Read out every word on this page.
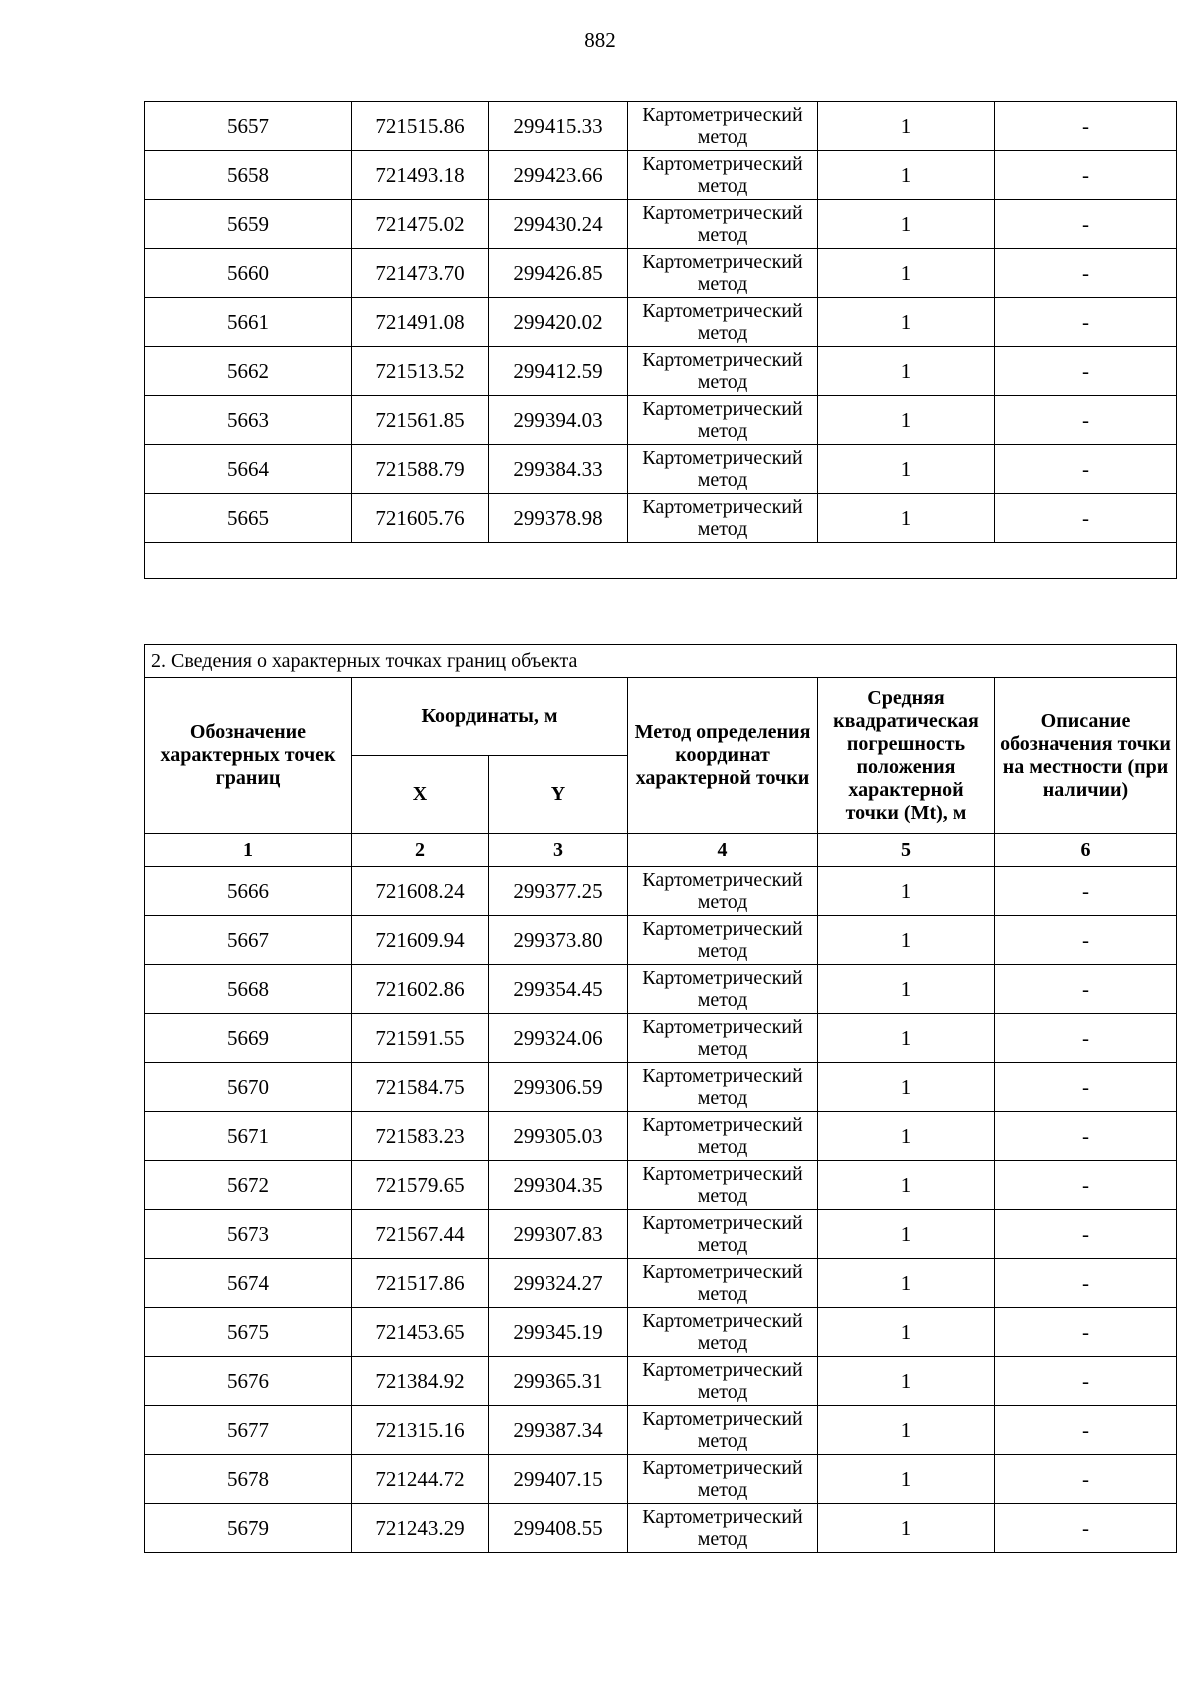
882
5657	721515.86	299415.33	Картометрический метод	1	-
5658	721493.18	299423.66	Картометрический метод	1	-
5659	721475.02	299430.24	Картометрический метод	1	-
5660	721473.70	299426.85	Картометрический метод	1	-
5661	721491.08	299420.02	Картометрический метод	1	-
5662	721513.52	299412.59	Картометрический метод	1	-
5663	721561.85	299394.03	Картометрический метод	1	-
5664	721588.79	299384.33	Картометрический метод	1	-
5665	721605.76	299378.98	Картометрический метод	1	-

2. Сведения о характерных точках границ объекта					
Обозначение характерных точек границ	Координаты, м		Метод определения координат характерной точки	Средняя квадратическая погрешность положения характерной точки (Mt), м	Описание обозначения точки на местности (при наличии)
	X	Y			
1	2	3	4	5	6
5666	721608.24	299377.25	Картометрический метод	1	-
5667	721609.94	299373.80	Картометрический метод	1	-
5668	721602.86	299354.45	Картометрический метод	1	-
5669	721591.55	299324.06	Картометрический метод	1	-
5670	721584.75	299306.59	Картометрический метод	1	-
5671	721583.23	299305.03	Картометрический метод	1	-
5672	721579.65	299304.35	Картометрический метод	1	-
5673	721567.44	299307.83	Картометрический метод	1	-
5674	721517.86	299324.27	Картометрический метод	1	-
5675	721453.65	299345.19	Картометрический метод	1	-
5676	721384.92	299365.31	Картометрический метод	1	-
5677	721315.16	299387.34	Картометрический метод	1	-
5678	721244.72	299407.15	Картометрический метод	1	-
5679	721243.29	299408.55	Картометрический метод	1	-
